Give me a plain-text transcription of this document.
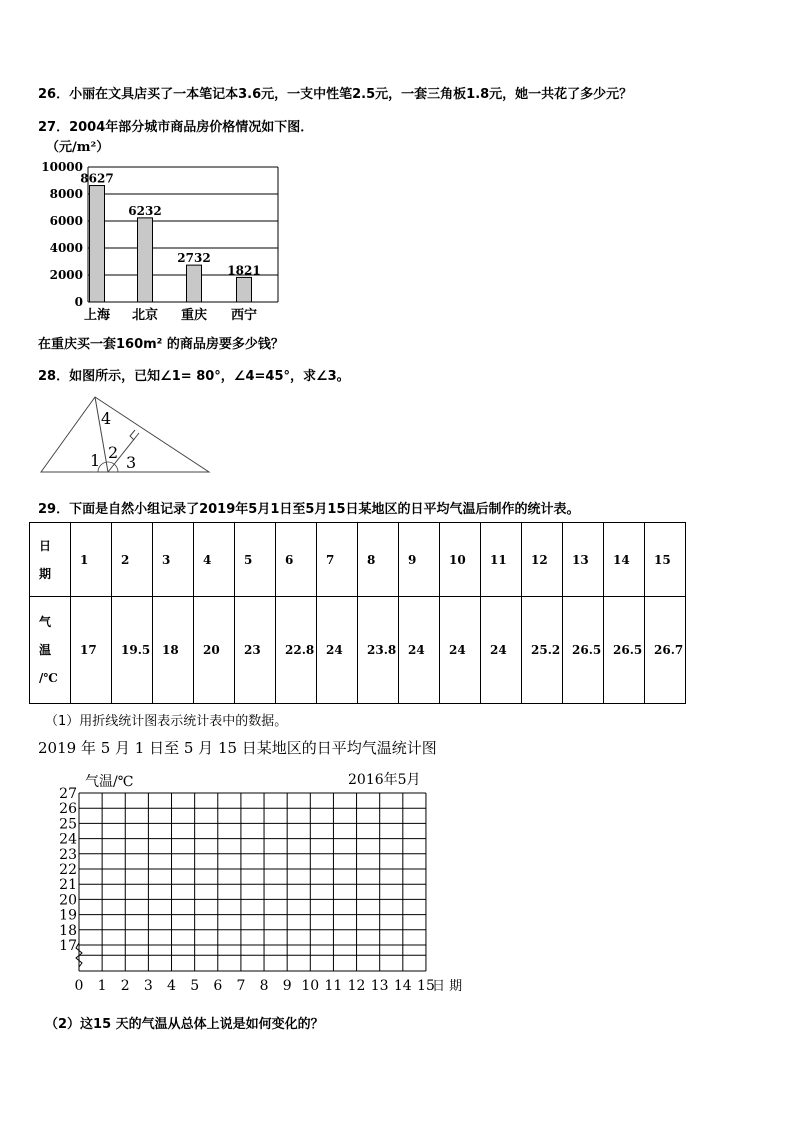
26．小丽在文具店买了一本笔记本3.6元，一支中性笔2.5元，一套三角板1.8元，她一共花了多少元？
27．2004年部分城市商品房价格情况如下图．
（元/m²）
0
2000
4000
6000
8000
10000
8627
上海
6232
北京
2732
重庆
1821
西宁
在重庆买一套160m² 的商品房要多少钱？
28．如图所示，已知∠1= 80°，∠4=45°，求∠3。
4
1 2
3
29．下面是自然小组记录了2019年5月1日至5月15日某地区的日平均气温后制作的统计表。
日
期	1	2	3	4	5	6	7	8	9	10	11	12	13	14	15

气
温
/℃	17	19.5	18	20	23	22.8	24	23.8	24	24	24	25.2	26.5	26.5	26.7
（1）用折线统计图表示统计表中的数据。
2019 年 5 月 1 日至 5 月 15 日某地区的日平均气温统计图
27
26
25
24
23
22
21
20
19
18
17
0 1 2 3 4 5 6 7 8 9 10 11 12 13 14 15
日 期
气温/℃	2016年5月
（2）这15 天的气温从总体上说是如何变化的？
